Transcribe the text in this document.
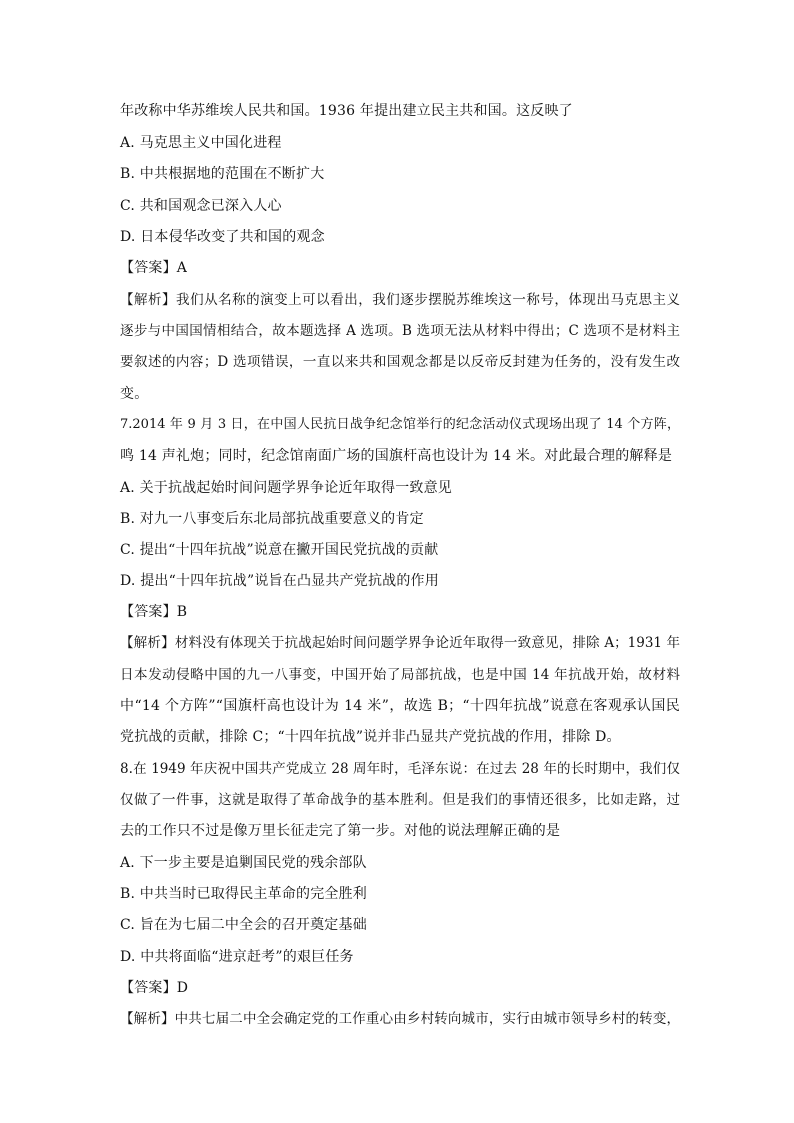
年改称中华苏维埃人民共和国。1936 年提出建立民主共和国。这反映了
A. 马克思主义中国化进程
B. 中共根据地的范围在不断扩大
C. 共和国观念已深入人心
D. 日本侵华改变了共和国的观念
【答案】A
【解析】我们从名称的演变上可以看出，我们逐步摆脱苏维埃这一称号，体现出马克思主义
逐步与中国国情相结合，故本题选择 A 选项。B 选项无法从材料中得出；C 选项不是材料主
要叙述的内容；D 选项错误，一直以来共和国观念都是以反帝反封建为任务的，没有发生改
变。
7.2014 年 9 月 3 日，在中国人民抗日战争纪念馆举行的纪念活动仪式现场出现了 14 个方阵，
鸣 14 声礼炮；同时，纪念馆南面广场的国旗杆高也设计为 14 米。对此最合理的解释是
A. 关于抗战起始时间问题学界争论近年取得一致意见
B. 对九一八事变后东北局部抗战重要意义的肯定
C. 提出“十四年抗战”说意在撇开国民党抗战的贡献
D. 提出“十四年抗战”说旨在凸显共产党抗战的作用
【答案】B
【解析】材料没有体现关于抗战起始时间问题学界争论近年取得一致意见，排除 A；1931 年
日本发动侵略中国的九一八事变，中国开始了局部抗战，也是中国 14 年抗战开始，故材料
中“14 个方阵”“国旗杆高也设计为 14 米”，故选 B；“十四年抗战”说意在客观承认国民
党抗战的贡献，排除 C；“十四年抗战”说并非凸显共产党抗战的作用，排除 D。
8.在 1949 年庆祝中国共产党成立 28 周年时，毛泽东说：在过去 28 年的长时期中，我们仅
仅做了一件事，这就是取得了革命战争的基本胜利。但是我们的事情还很多，比如走路，过
去的工作只不过是像万里长征走完了第一步。对他的说法理解正确的是
A. 下一步主要是追剿国民党的残余部队
B. 中共当时已取得民主革命的完全胜利
C. 旨在为七届二中全会的召开奠定基础
D. 中共将面临“进京赶考”的艰巨任务
【答案】D
【解析】中共七届二中全会确定党的工作重心由乡村转向城市，实行由城市领导乡村的转变，
